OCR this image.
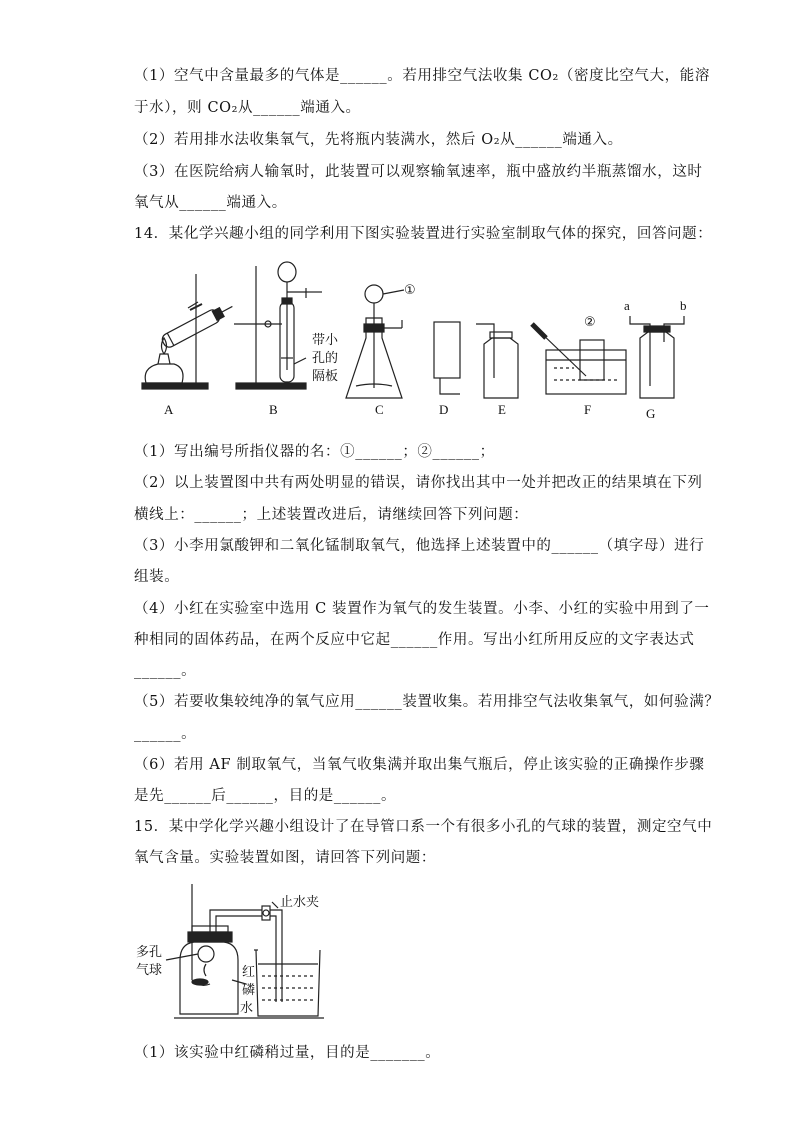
（1）空气中含量最多的气体是______。若用排空气法收集 CO₂（密度比空气大，能溶
于水），则 CO₂从______端通入。
（2）若用排水法收集氧气，先将瓶内装满水，然后 O₂从______端通入。
（3）在医院给病人输氧时，此装置可以观察输氧速率，瓶中盛放约半瓶蒸馏水，这时
氧气从______端通入。
14．某化学兴趣小组的同学利用下图实验装置进行实验室制取气体的探究，回答问题：
A	B	C	D	E	F	G
①
②
a	b
带小
孔的
隔板
（1）写出编号所指仪器的名：①______；②______；
（2）以上装置图中共有两处明显的错误，请你找出其中一处并把改正的结果填在下列
横线上：______；上述装置改进后，请继续回答下列问题：
（3）小李用氯酸钾和二氧化锰制取氧气，他选择上述装置中的______（填字母）进行
组装。
（4）小红在实验室中选用 C 装置作为氧气的发生装置。小李、小红的实验中用到了一
种相同的固体药品，在两个反应中它起______作用。写出小红所用反应的文字表达式
______。
（5）若要收集较纯净的氧气应用______装置收集。若用排空气法收集氧气，如何验满？
______。
（6）若用 AF 制取氧气，当氧气收集满并取出集气瓶后，停止该实验的正确操作步骤
是先______后______，目的是______。
15．某中学化学兴趣小组设计了在导管口系一个有很多小孔的气球的装置，测定空气中
氧气含量。实验装置如图，请回答下列问题：
止水夹
多孔
气球	红
磷
水
（1）该实验中红磷稍过量，目的是_______。
